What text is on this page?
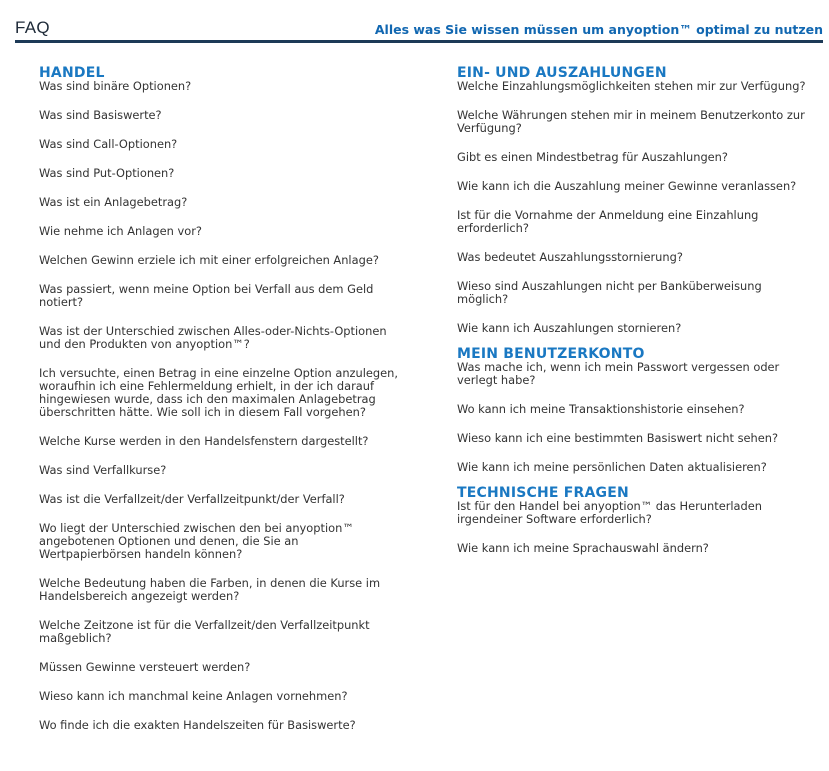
FAQ	Alles was Sie wissen müssen um anyoption™ optimal zu nutzen
HANDEL
Was sind binäre Optionen?
Was sind Basiswerte?
Was sind Call-Optionen?
Was sind Put-Optionen?
Was ist ein Anlagebetrag?
Wie nehme ich Anlagen vor?
Welchen Gewinn erziele ich mit einer erfolgreichen Anlage?
Was passiert, wenn meine Option bei Verfall aus dem Geld notiert?
Was ist der Unterschied zwischen Alles-oder-Nichts-Optionen und den Produkten von anyoption™?
Ich versuchte, einen Betrag in eine einzelne Option anzulegen, woraufhin ich eine Fehlermeldung erhielt, in der ich darauf hingewiesen wurde, dass ich den maximalen Anlagebetrag überschritten hätte. Wie soll ich in diesem Fall vorgehen?
Welche Kurse werden in den Handelsfenstern dargestellt?
Was sind Verfallkurse?
Was ist die Verfallzeit/der Verfallzeitpunkt/der Verfall?
Wo liegt der Unterschied zwischen den bei anyoption™ angebotenen Optionen und denen, die Sie an Wertpapierbörsen handeln können?
Welche Bedeutung haben die Farben, in denen die Kurse im Handelsbereich angezeigt werden?
Welche Zeitzone ist für die Verfallzeit/den Verfallzeitpunkt maßgeblich?
Müssen Gewinne versteuert werden?
Wieso kann ich manchmal keine Anlagen vornehmen?
Wo finde ich die exakten Handelszeiten für Basiswerte?
EIN- UND AUSZAHLUNGEN
Welche Einzahlungsmöglichkeiten stehen mir zur Verfügung?
Welche Währungen stehen mir in meinem Benutzerkonto zur Verfügung?
Gibt es einen Mindestbetrag für Auszahlungen?
Wie kann ich die Auszahlung meiner Gewinne veranlassen?
Ist für die Vornahme der Anmeldung eine Einzahlung erforderlich?
Was bedeutet Auszahlungsstornierung?
Wieso sind Auszahlungen nicht per Banküberweisung möglich?
Wie kann ich Auszahlungen stornieren?
MEIN BENUTZERKONTO
Was mache ich, wenn ich mein Passwort vergessen oder verlegt habe?
Wo kann ich meine Transaktionshistorie einsehen?
Wieso kann ich eine bestimmten Basiswert nicht sehen?
Wie kann ich meine persönlichen Daten aktualisieren?
TECHNISCHE FRAGEN
Ist für den Handel bei anyoption™ das Herunterladen irgendeiner Software erforderlich?
Wie kann ich meine Sprachauswahl ändern?
